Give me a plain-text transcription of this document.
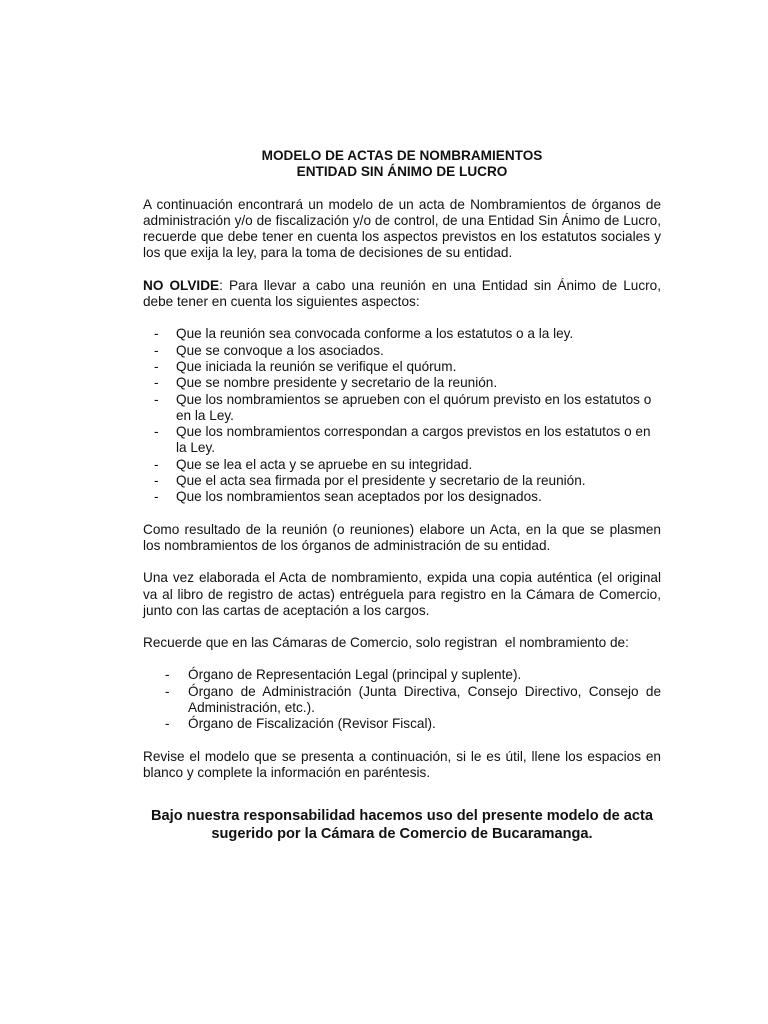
MODELO DE ACTAS DE NOMBRAMIENTOS

ENTIDAD SIN ÁNIMO DE LUCRO

A continuación encontrará un modelo de un acta de Nombramientos de órganos de administración y/o de fiscalización y/o de control, de una Entidad Sin Ánimo de Lucro, recuerde que debe tener en cuenta los aspectos previstos en los estatutos sociales y los que exija la ley, para la toma de decisiones de su entidad.

NO OLVIDE: Para llevar a cabo una reunión en una Entidad sin Ánimo de Lucro, debe tener en cuenta los siguientes aspectos:

- Que la reunión sea convocada conforme a los estatutos o a la ley.
- Que se convoque a los asociados.
- Que iniciada la reunión se verifique el quórum.
- Que se nombre presidente y secretario de la reunión.
- Que los nombramientos se aprueben con el quórum previsto en los estatutos o en la Ley.
- Que los nombramientos correspondan a cargos previstos en los estatutos o en la Ley.
- Que se lea el acta y se apruebe en su integridad.
- Que el acta sea firmada por el presidente y secretario de la reunión.
- Que los nombramientos sean aceptados por los designados.

Como resultado de la reunión (o reuniones) elabore un Acta, en la que se plasmen los nombramientos de los órganos de administración de su entidad.

Una vez elaborada el Acta de nombramiento, expida una copia auténtica (el original va al libro de registro de actas) entréguela para registro en la Cámara de Comercio, junto con las cartas de aceptación a los cargos.

Recuerde que en las Cámaras de Comercio, solo registran  el nombramiento de:

- Órgano de Representación Legal (principal y suplente).
- Órgano de Administración (Junta Directiva, Consejo Directivo, Consejo de Administración, etc.).
- Órgano de Fiscalización (Revisor Fiscal).

Revise el modelo que se presenta a continuación, si le es útil, llene los espacios en blanco y complete la información en paréntesis.

Bajo nuestra responsabilidad hacemos uso del presente modelo de acta

sugerido por la Cámara de Comercio de Bucaramanga.
